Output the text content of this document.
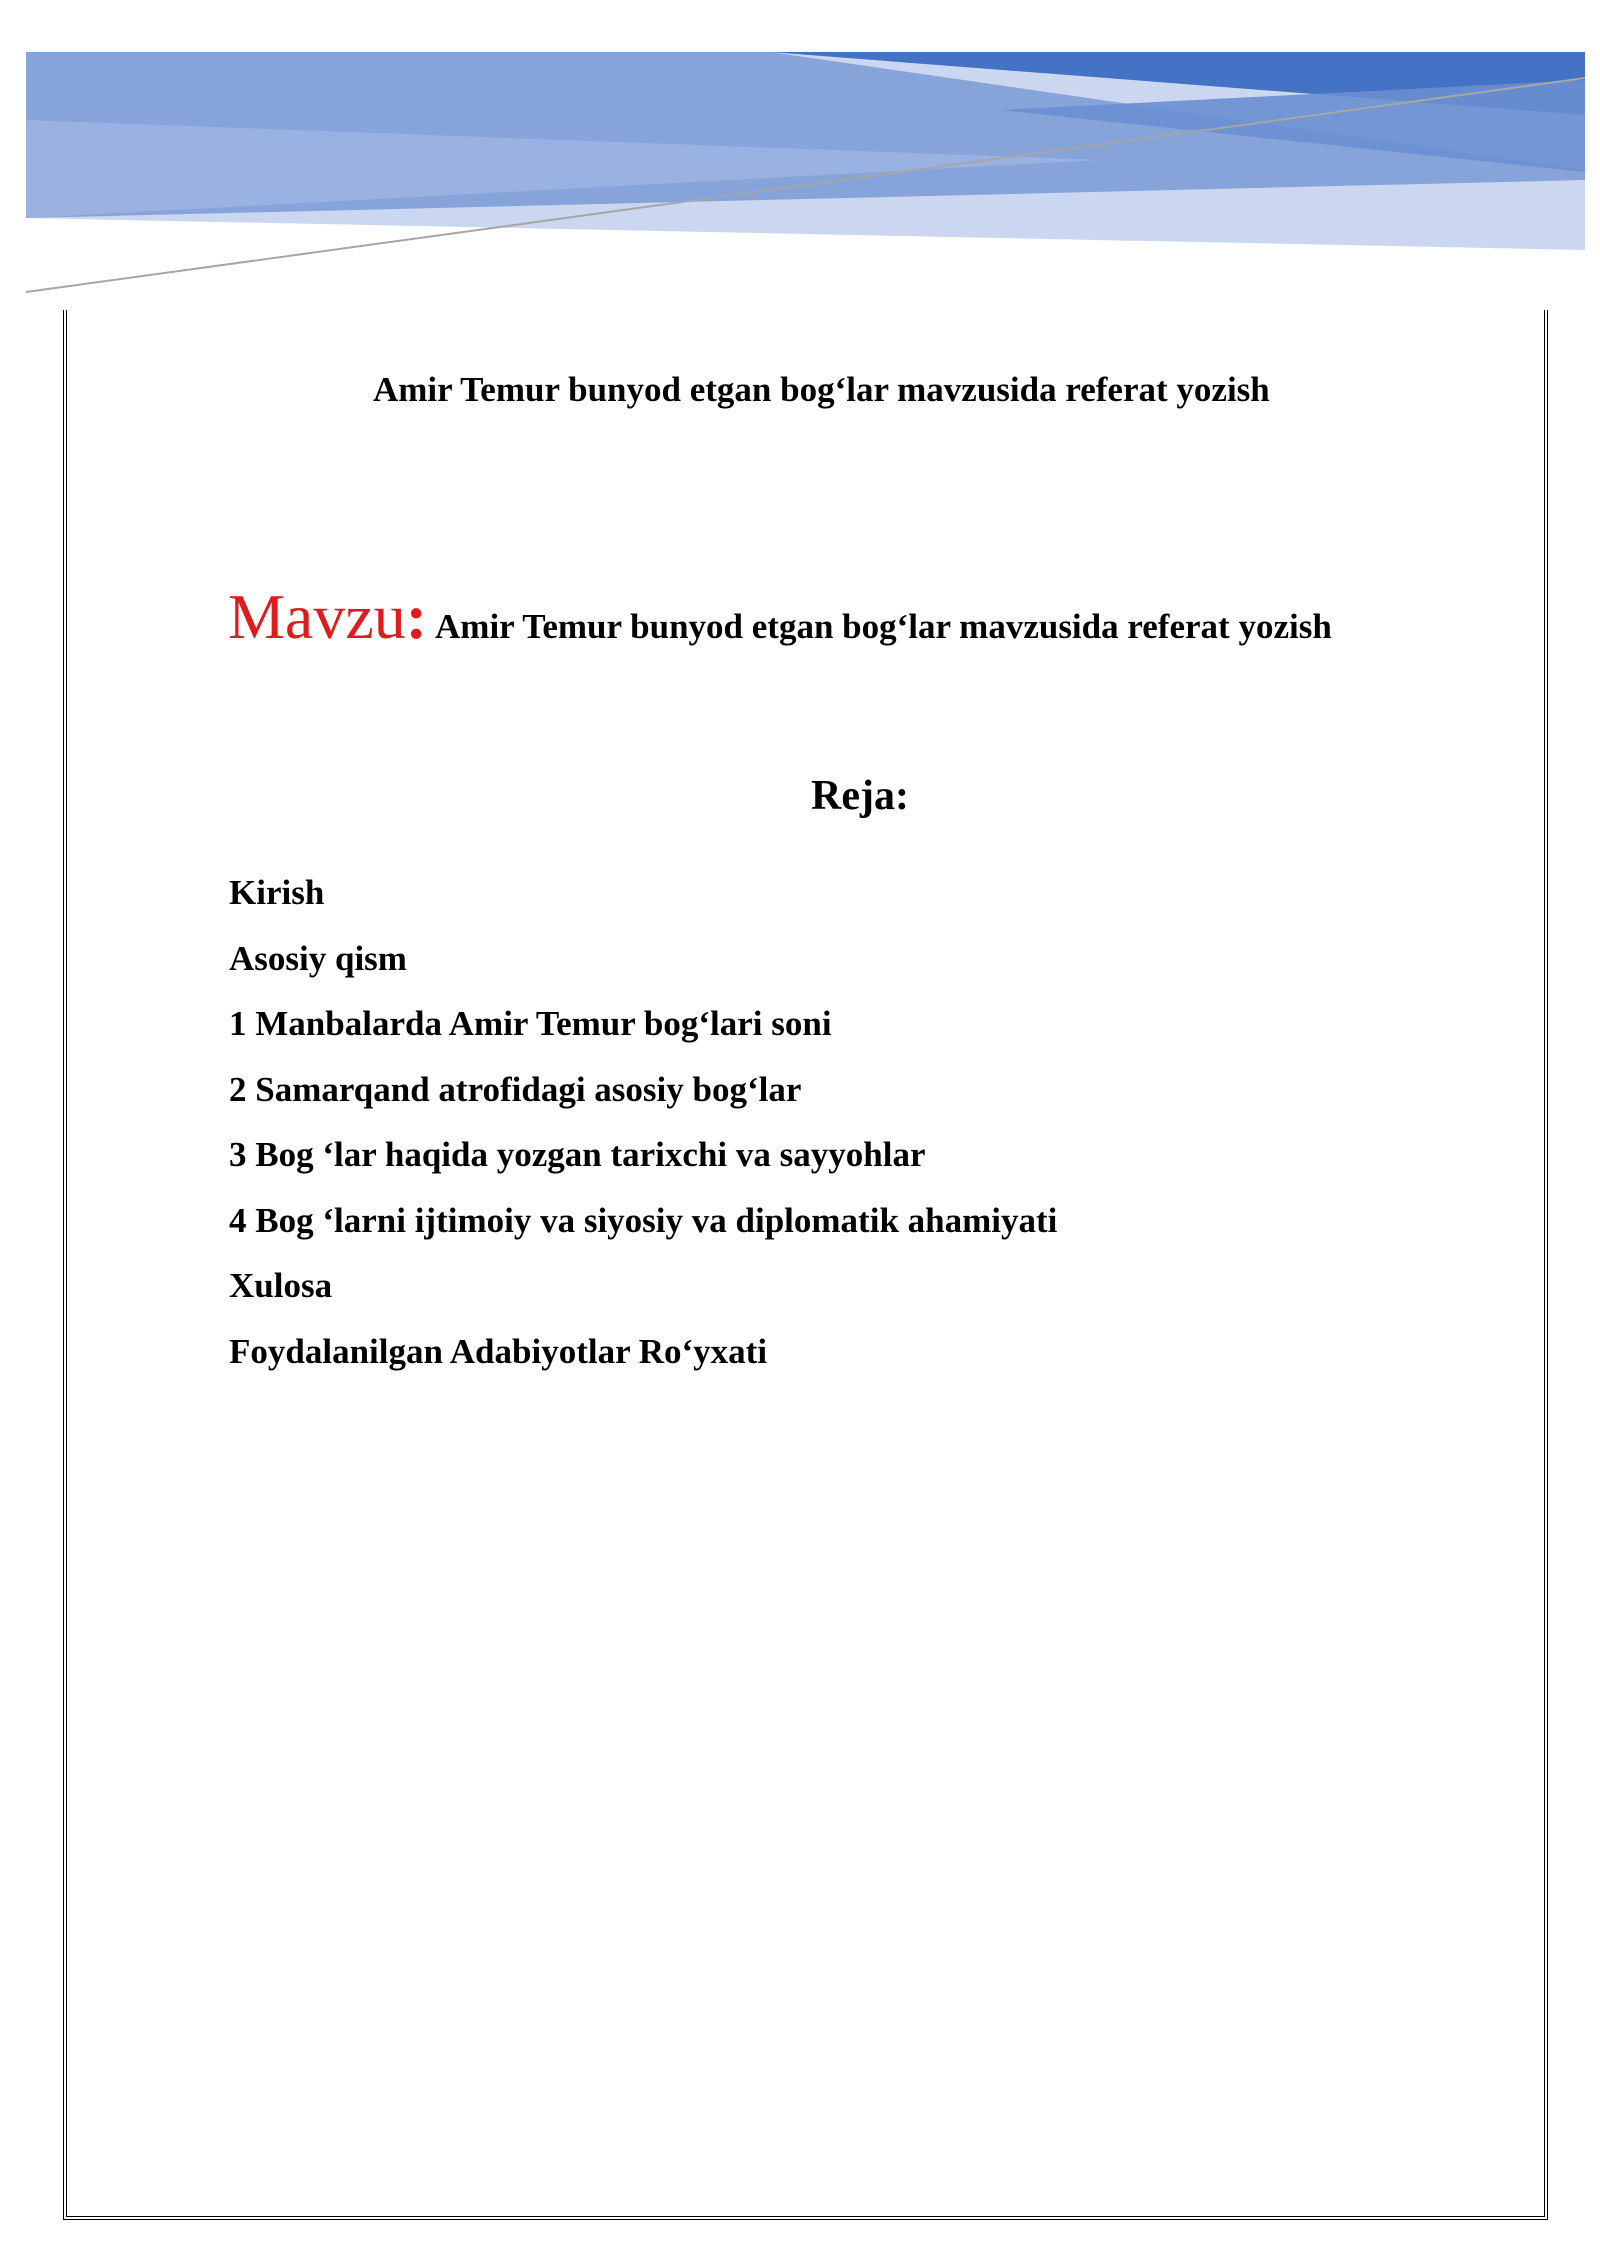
Amir Temur bunyod etgan bog‘lar mavzusida referat yozish
Mavzu: Amir Temur bunyod etgan bog‘lar mavzusida referat yozish
Reja:
Kirish
Asosiy qism
1 Manbalarda Amir Temur bog‘lari soni
2 Samarqand atrofidagi asosiy bog‘lar
3 Bog ‘lar haqida yozgan tarixchi va sayyohlar
4 Bog ‘larni ijtimoiy va siyosiy va diplomatik ahamiyati
Xulosa
Foydalanilgan Adabiyotlar Ro‘yxati
